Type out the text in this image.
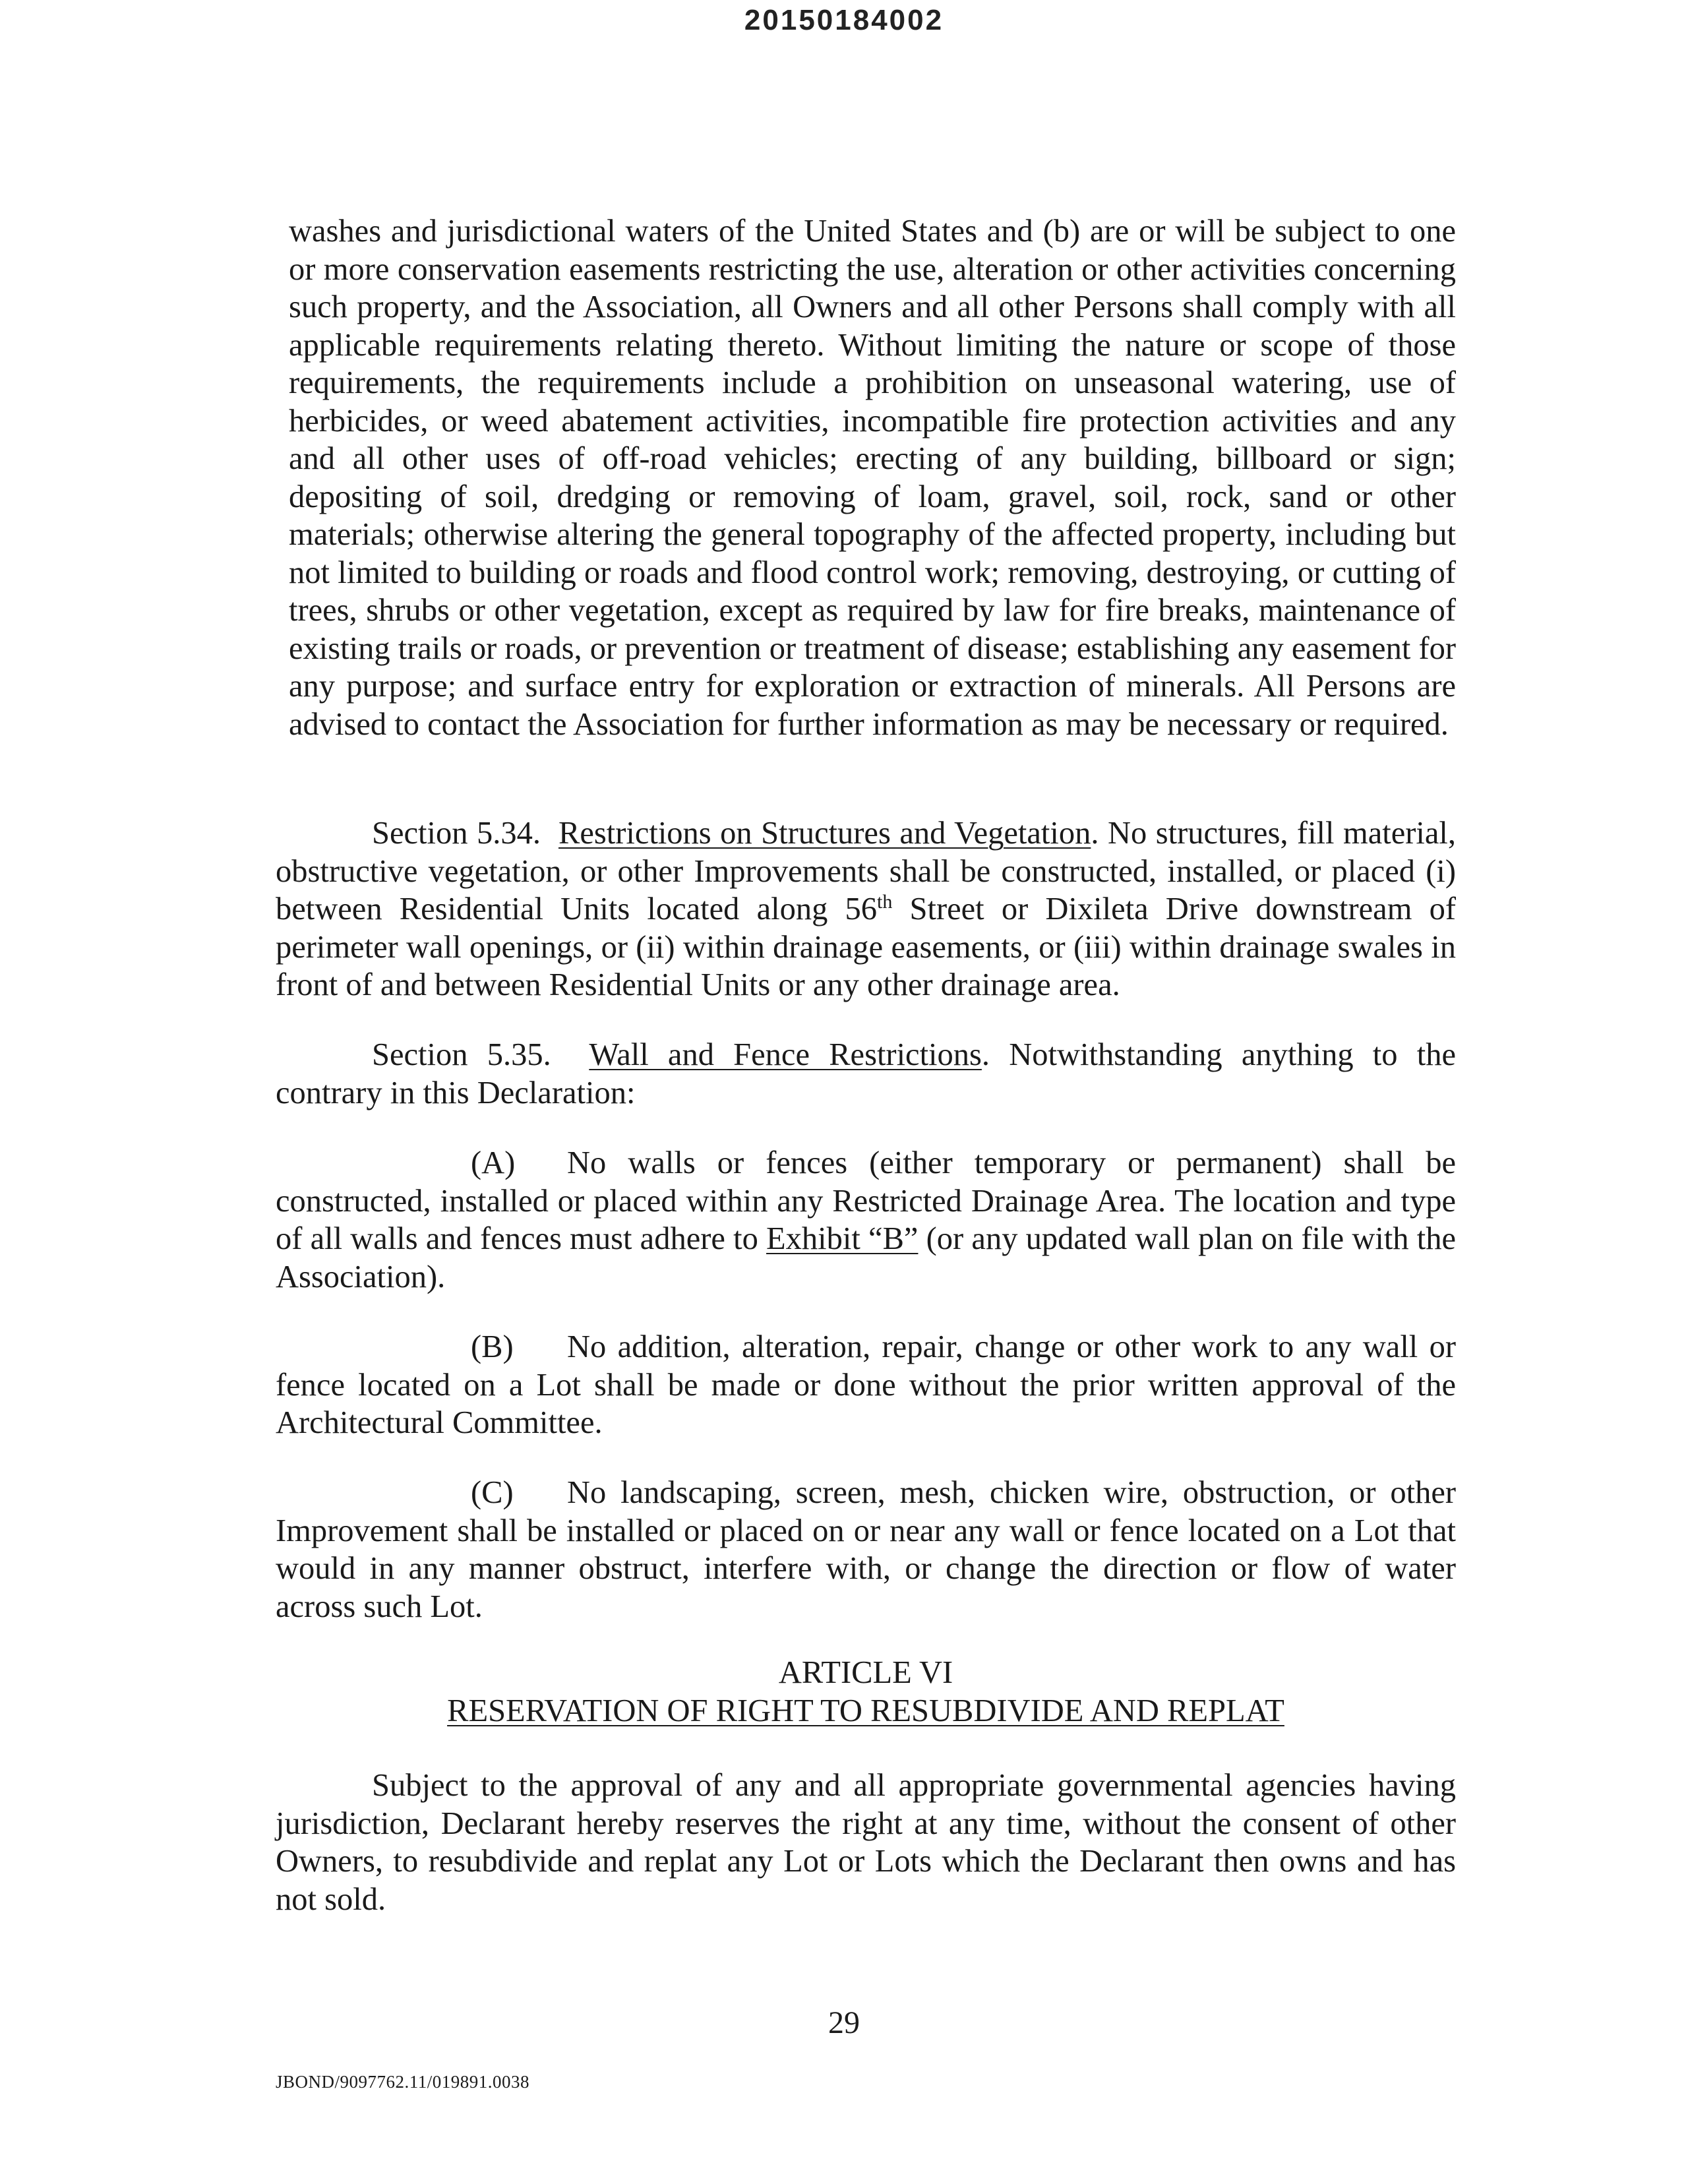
20150184002

washes and jurisdictional waters of the United States and (b) are or will be subject to one or more conservation easements restricting the use, alteration or other activities concerning such property, and the Association, all Owners and all other Persons shall comply with all applicable requirements relating thereto. Without limiting the nature or scope of those requirements, the requirements include a prohibition on unseasonal watering, use of herbicides, or weed abatement activities, incompatible fire protection activities and any and all other uses of off-road vehicles; erecting of any building, billboard or sign; depositing of soil, dredging or removing of loam, gravel, soil, rock, sand or other materials; otherwise altering the general topography of the affected property, including but not limited to building or roads and flood control work; removing, destroying, or cutting of trees, shrubs or other vegetation, except as required by law for fire breaks, maintenance of existing trails or roads, or prevention or treatment of disease; establishing any easement for any purpose; and surface entry for exploration or extraction of minerals. All Persons are advised to contact the Association for further information as may be necessary or required.

Section 5.34. Restrictions on Structures and Vegetation. No structures, fill material, obstructive vegetation, or other Improvements shall be constructed, installed, or placed (i) between Residential Units located along 56th Street or Dixileta Drive downstream of perimeter wall openings, or (ii) within drainage easements, or (iii) within drainage swales in front of and between Residential Units or any other drainage area.

Section 5.35. Wall and Fence Restrictions. Notwithstanding anything to the contrary in this Declaration:

(A) No walls or fences (either temporary or permanent) shall be constructed, installed or placed within any Restricted Drainage Area. The location and type of all walls and fences must adhere to Exhibit “B” (or any updated wall plan on file with the Association).

(B) No addition, alteration, repair, change or other work to any wall or fence located on a Lot shall be made or done without the prior written approval of the Architectural Committee.

(C) No landscaping, screen, mesh, chicken wire, obstruction, or other Improvement shall be installed or placed on or near any wall or fence located on a Lot that would in any manner obstruct, interfere with, or change the direction or flow of water across such Lot.

ARTICLE VI

RESERVATION OF RIGHT TO RESUBDIVIDE AND REPLAT

Subject to the approval of any and all appropriate governmental agencies having jurisdiction, Declarant hereby reserves the right at any time, without the consent of other Owners, to resubdivide and replat any Lot or Lots which the Declarant then owns and has not sold.

29
JBOND/9097762.11/019891.0038
